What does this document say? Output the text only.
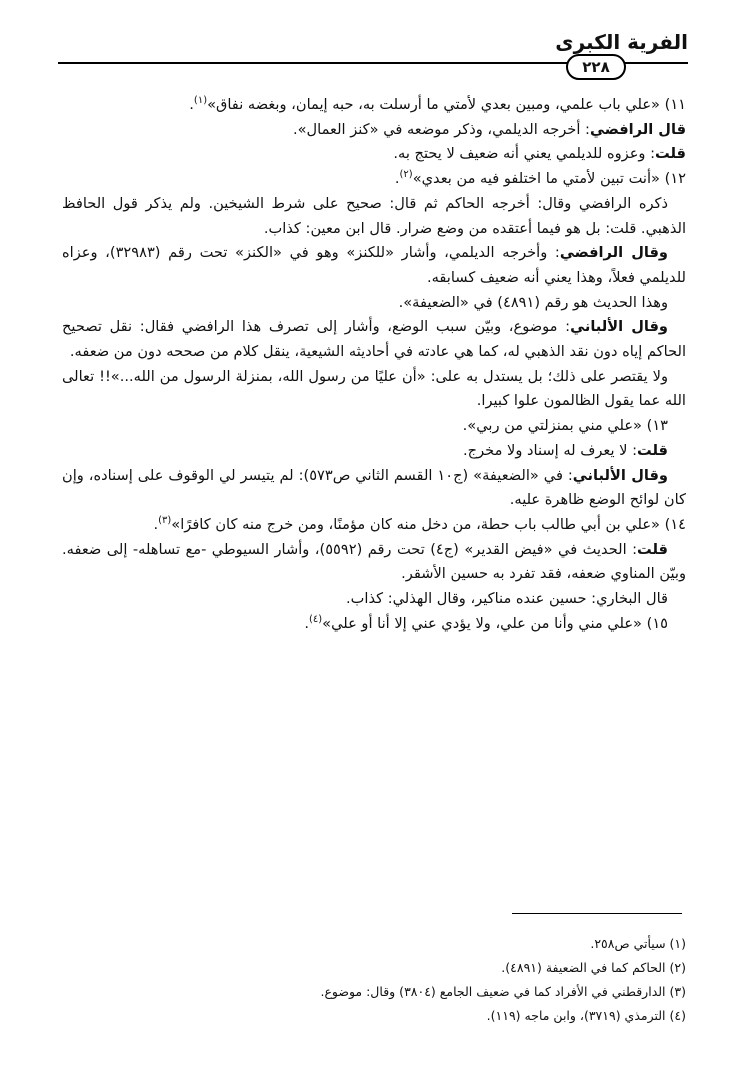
الفرية الكبرى
٢٢٨

١١) «علي باب علمي، ومبين بعدي لأمتي ما أرسلت به، حبه إيمان، وبغضه نفاق»$^{(١)}$.

قال الرافضي: أخرجه الديلمي، وذكر موضعه في «كنز العمال».

قلت: وعزوه للديلمي يعني أنه ضعيف لا يحتج به.

١٢) «أنت تبين لأمتي ما اختلفو فيه من بعدي»$^{(٢)}$.

ذكره الرافضي وقال: أخرجه الحاكم ثم قال: صحيح على شرط الشيخين. ولم يذكر قول الحافظ الذهبي. قلت: بل هو فيما أعتقده من وضع ضرار. قال ابن معين: كذاب.

وقال الرافضي: وأخرجه الديلمي، وأشار «للكنز» وهو في «الكنز» تحت رقم (٣٢٩٨٣)، وعزاه للديلمي فعلاً، وهذا يعني أنه ضعيف كسابقه.

وهذا الحديث هو رقم (٤٨٩١) في «الضعيفة».

وقال الألباني: موضوع، وبيّن سبب الوضع، وأشار إلى تصرف هذا الرافضي فقال: نقل تصحيح الحاكم إياه دون نقد الذهبي له، كما هي عادته في أحاديثه الشيعية، ينقل كلام من صححه دون من ضعفه.

ولا يقتصر على ذلك؛ بل يستدل به على: «أن عليًا من رسول الله، بمنزلة الرسول من الله...»!! تعالى الله عما يقول الظالمون علوا كبيرا.

١٣) «علي مني بمنزلتي من ربي».

قلت: لا يعرف له إسناد ولا مخرج.

وقال الألباني: في «الضعيفة» (ج١٠ القسم الثاني ص٥٧٣): لم يتيسر لي الوقوف على إسناده، وإن كان لوائح الوضع ظاهرة عليه.

١٤) «علي بن أبي طالب باب حطة، من دخل منه كان مؤمنًا، ومن خرج منه كان كافرًا»$^{(٣)}$.

قلت: الحديث في «فيض القدير» (ج٤) تحت رقم (٥٥٩٢)، وأشار السيوطي -مع تساهله- إلى ضعفه. وبيّن المناوي ضعفه، فقد تفرد به حسين الأشقر.

قال البخاري: حسين عنده مناكير، وقال الهذلي: كذاب.

١٥) «علي مني وأنا من علي، ولا يؤدي عني إلا أنا أو علي»$^{(٤)}$.

(١) سيأتي ص٢٥٨.

(٢) الحاكم كما في الضعيفة (٤٨٩١).

(٣) الدارقطني في الأفراد كما في ضعيف الجامع (٣٨٠٤) وقال: موضوع.

(٤) الترمذي (٣٧١٩)، وابن ماجه (١١٩).
